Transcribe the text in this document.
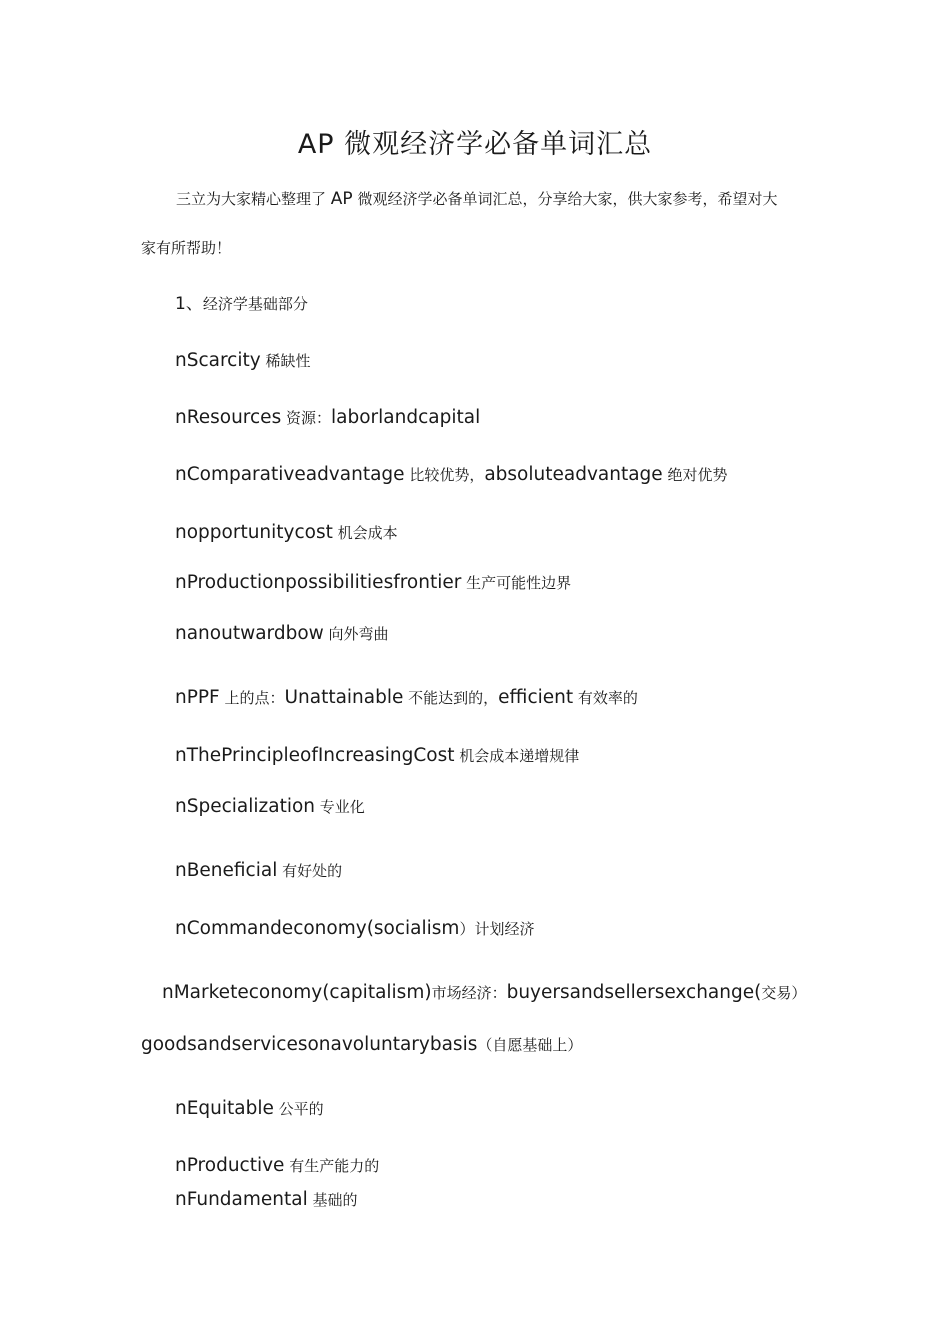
AP 微观经济学必备单词汇总
三立为大家精心整理了 AP 微观经济学必备单词汇总，分享给大家，供大家参考，希望对大
家有所帮助！
1、经济学基础部分
nScarcity 稀缺性
nResources 资源：laborlandcapital
nComparativeadvantage 比较优势，absoluteadvantage 绝对优势
nopportunitycost 机会成本
nProductionpossibilitiesfrontier 生产可能性边界
nanoutwardbow 向外弯曲
nPPF 上的点：Unattainable 不能达到的，efficient 有效率的
nThePrincipleofIncreasingCost 机会成本递增规律
nSpecialization 专业化
nBeneficial 有好处的
nCommandeconomy(socialism）计划经济
nMarketeconomy(capitalism)市场经济：buyersandsellersexchange(交易）
goodsandservicesonavoluntarybasis（自愿基础上）
nEquitable 公平的
nProductive 有生产能力的
nFundamental 基础的
